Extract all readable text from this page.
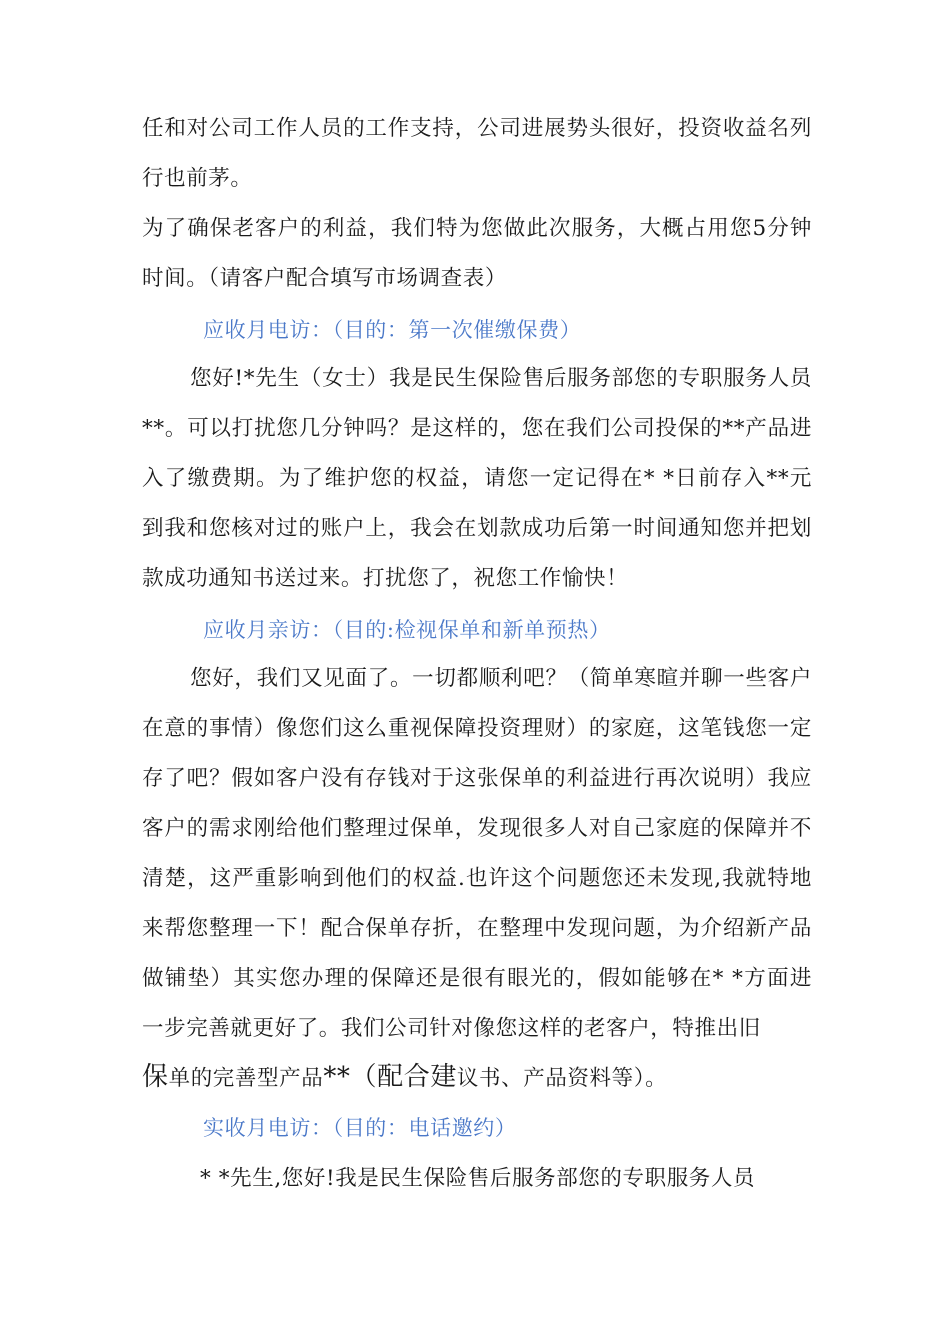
任和对公司工作人员的工作支持，公司进展势头很好，投资收益名列行也前茅。

为了确保老客户的利益，我们特为您做此次服务，大概占用您5分钟时间。（请客户配合填写市场调查表）

应收月电访：（目的：第一次催缴保费）

您好!*先生（女士）我是民生保险售后服务部您的专职服务人员**。可以打扰您几分钟吗？是这样的，您在我们公司投保的**产品进入了缴费期。为了维护您的权益，请您一定记得在* *日前存入**元到我和您核对过的账户上，我会在划款成功后第一时间通知您并把划款成功通知书送过来。打扰您了，祝您工作愉快！

应收月亲访：（目的:检视保单和新单预热）

您好，我们又见面了。一切都顺利吧？（简单寒暄并聊一些客户在意的事情）像您们这么重视保障投资理财）的家庭，这笔钱您一定存了吧？假如客户没有存钱对于这张保单的利益进行再次说明）我应客户的需求刚给他们整理过保单，发现很多人对自己家庭的保障并不清楚，这严重影响到他们的权益.也许这个问题您还未发现,我就特地来帮您整理一下！配合保单存折，在整理中发现问题，为介绍新产品做铺垫）其实您办理的保障还是很有眼光的，假如能够在* *方面进一步完善就更好了。我们公司针对像您这样的老客户，特推出旧

保单的完善型产品**（配合建议书、产品资料等）。

实收月电访：（目的：电话邀约）

* *先生,您好!我是民生保险售后服务部您的专职服务人员
